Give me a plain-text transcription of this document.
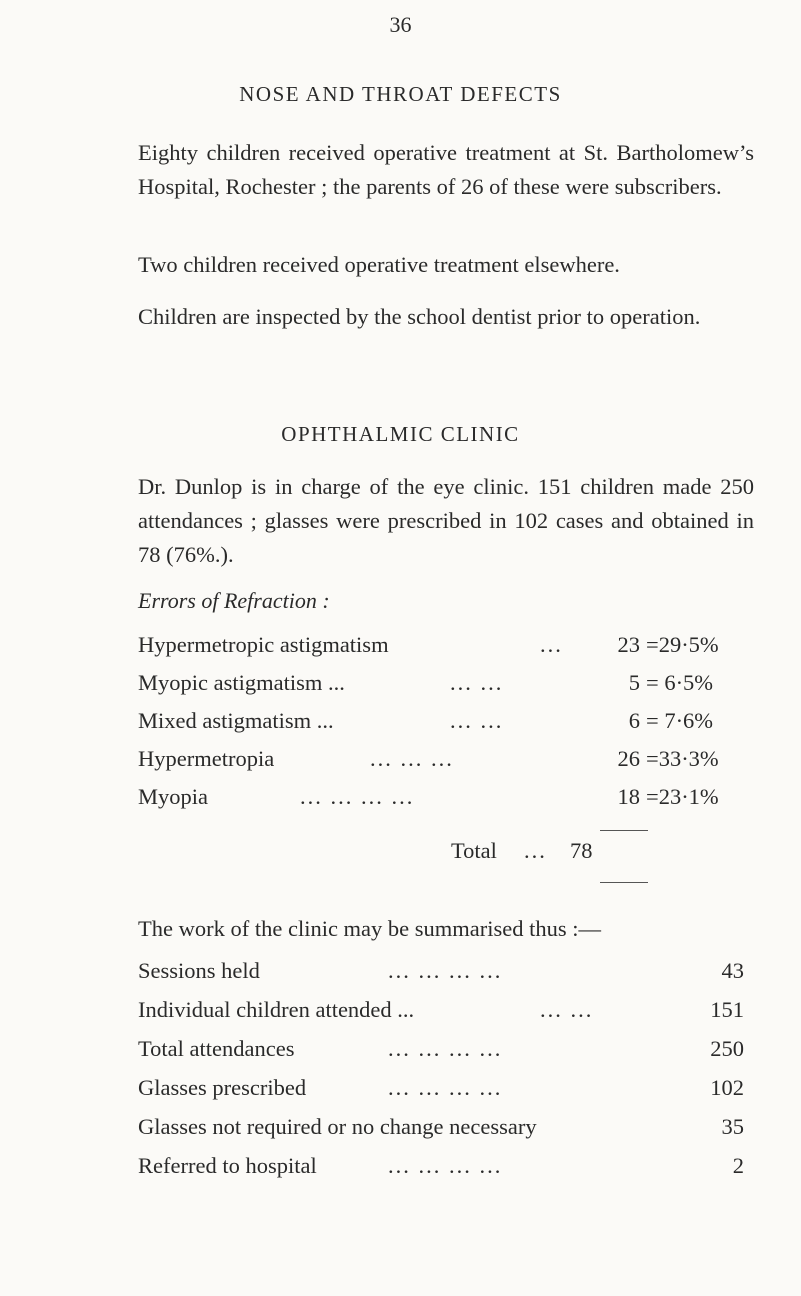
36
NOSE AND THROAT DEFECTS

Eighty children received operative treatment at St. Bartholomew’s Hospital, Rochester ; the parents of 26 of these were subscribers.

Two children received operative treatment elsewhere.

Children are inspected by the school dentist prior to operation.

OPHTHALMIC CLINIC

Dr. Dunlop is in charge of the eye clinic. 151 children made 250 attendances ; glasses were prescribed in 102 cases and obtained in 78 (76%.).

Errors of Refraction :
Hypermetropic astigmatism	...	23 =29·5%
Myopic astigmatism ...	... ...	5 = 6·5%
Mixed astigmatism ...	... ...	6 = 7·6%
Hypermetropia	... ... ...	26 =33·3%
Myopia	... ... ... ...	18 =23·1%
Total ...	78

The work of the clinic may be summarised thus :—

Sessions held	... ... ... ...	43
Individual children attended ...	... ...	151
Total attendances	... ... ... ...	250
Glasses prescribed	... ... ... ...	102
Glasses not required or no change necessary	35
Referred to hospital	... ... ... ...	2
